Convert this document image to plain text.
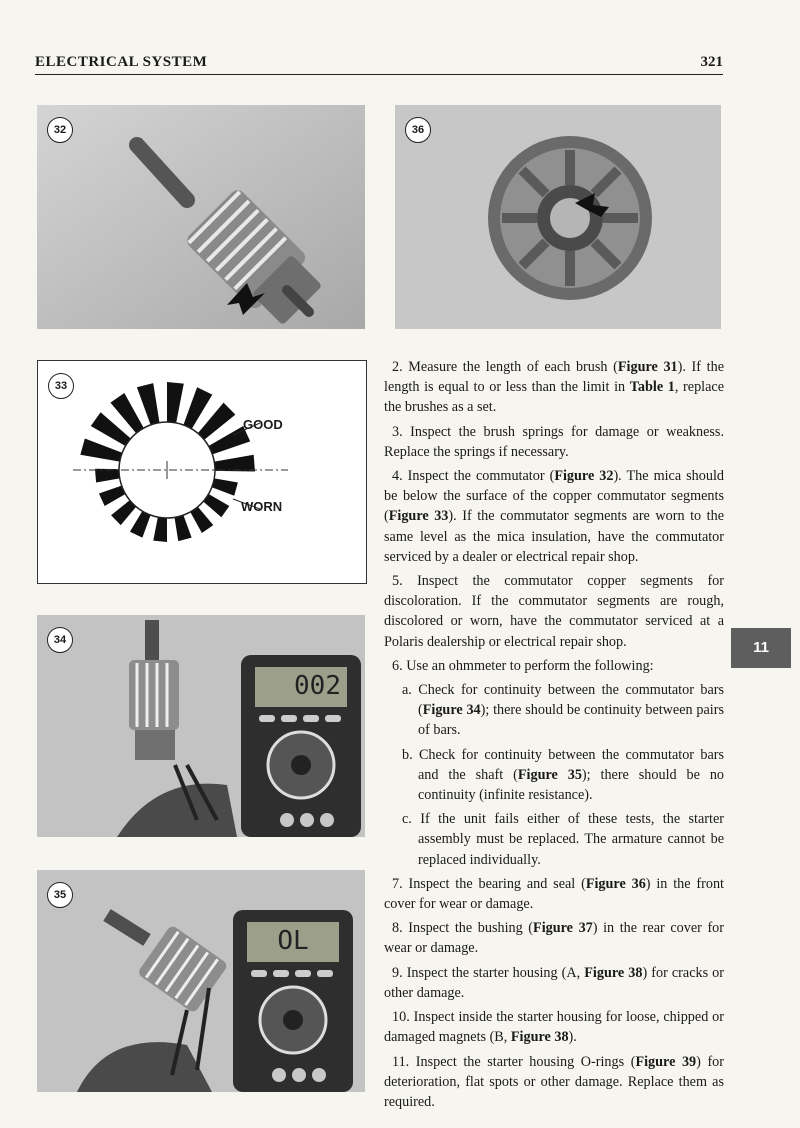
ELECTRICAL SYSTEM	321
32	36
33
GOOD
WORN
34
002
35
OL

2. Measure the length of each brush (Figure 31). If the length is equal to or less than the limit in Table 1, replace the brushes as a set.

3. Inspect the brush springs for damage or weakness. Replace the springs if necessary.

4. Inspect the commutator (Figure 32). The mica should be below the surface of the copper commutator segments (Figure 33). If the commutator segments are worn to the same level as the mica insulation, have the commutator serviced by a dealer or electrical repair shop.

5. Inspect the commutator copper segments for discoloration. If the commutator segments are rough, discolored or worn, have the commutator serviced at a Polaris dealership or electrical repair shop.

6. Use an ohmmeter to perform the following:

a. Check for continuity between the commutator bars (Figure 34); there should be continuity between pairs of bars.

b. Check for continuity between the commutator bars and the shaft (Figure 35); there should be no continuity (infinite resistance).

c. If the unit fails either of these tests, the starter assembly must be replaced. The armature cannot be replaced individually.

7. Inspect the bearing and seal (Figure 36) in the front cover for wear or damage.

8. Inspect the bushing (Figure 37) in the rear cover for wear or damage.

9. Inspect the starter housing (A, Figure 38) for cracks or other damage.

10. Inspect inside the starter housing for loose, chipped or damaged magnets (B, Figure 38).

11. Inspect the starter housing O-rings (Figure 39) for deterioration, flat spots or other damage. Replace them as required.

11
